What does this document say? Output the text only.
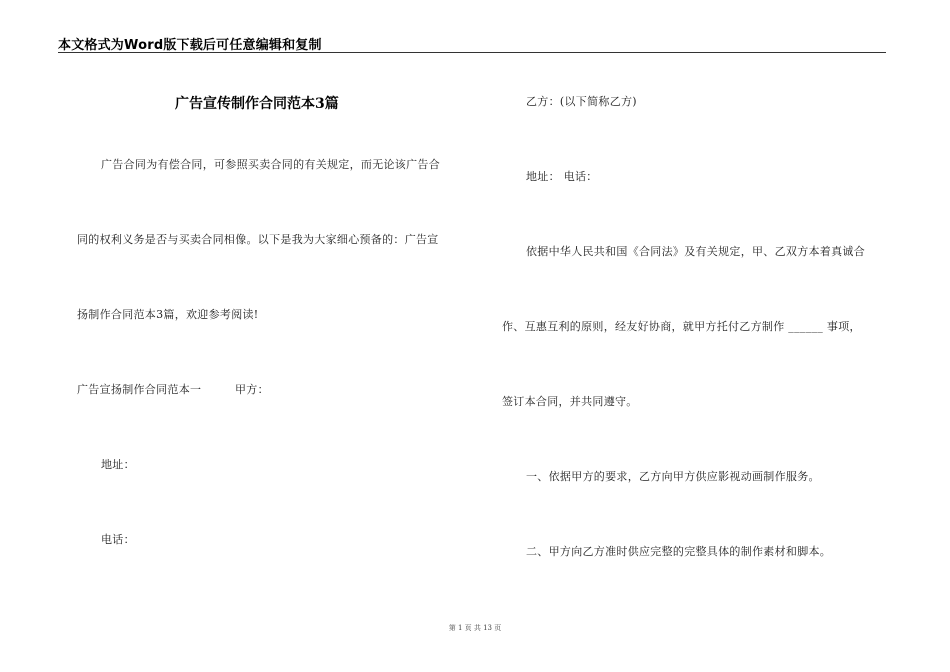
本文格式为Word版下载后可任意编辑和复制
广告宣传制作合同范本3篇
广告合同为有偿合同，可参照买卖合同的有关规定，而无论该广告合
同的权利义务是否与买卖合同相像。以下是我为大家细心预备的：广告宣
扬制作合同范本3篇，欢迎参考阅读!
广告宣扬制作合同范本一	甲方：
地址：
电话：
乙方：(以下简称乙方)
地址： 电话：
依据中华人民共和国《合同法》及有关规定，甲、乙双方本着真诚合
作、互惠互利的原则，经友好协商，就甲方托付乙方制作 ______ 事项，
签订本合同，并共同遵守。
一、依据甲方的要求，乙方向甲方供应影视动画制作服务。
二、甲方向乙方准时供应完整的完整具体的制作素材和脚本。
第 1 页 共 13 页
